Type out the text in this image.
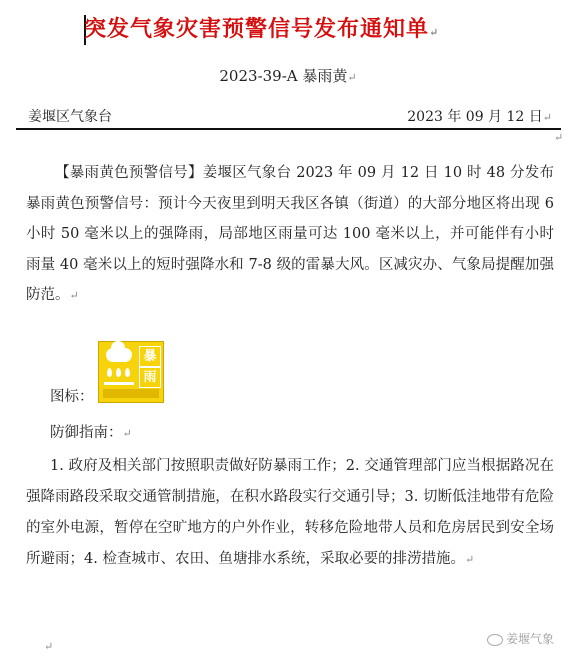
突发气象灾害预警信号发布通知单↵
2023-39-A 暴雨黄↵
姜堰区气象台	2023 年 09 月 12 日↵
↵
【暴雨黄色预警信号】姜堰区气象台 2023 年 09 月 12 日 10 时 48 分发布暴雨黄色预警信号：预计今天夜里到明天我区各镇（街道）的大部分地区将出现 6 小时 50 毫米以上的强降雨，局部地区雨量可达 100 毫米以上，并可能伴有小时雨量 40 毫米以上的短时强降水和 7-8 级的雷暴大风。区减灾办、气象局提醒加强防范。↵
图标：
暴
雨
防御指南：↵
1. 政府及相关部门按照职责做好防暴雨工作；2. 交通管理部门应当根据路况在强降雨路段采取交通管制措施，在积水路段实行交通引导；3. 切断低洼地带有危险的室外电源，暂停在空旷地方的户外作业，转移危险地带人员和危房居民到安全场所避雨；4. 检查城市、农田、鱼塘排水系统，采取必要的排涝措施。↵
↵
姜堰气象
